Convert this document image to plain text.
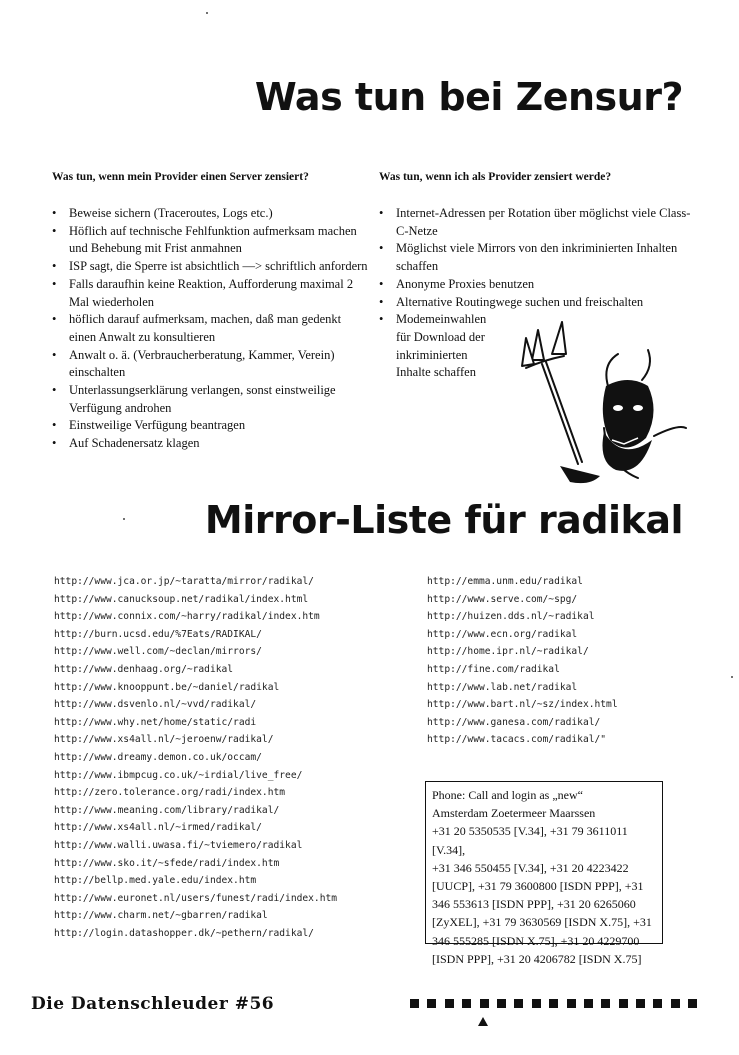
Was tun bei Zensur?
Was tun, wenn mein Provider einen Server zensiert?	Was tun, wenn ich als Provider zensiert werde?
• Beweise sichern (Traceroutes, Logs etc.)
• Höflich auf technische Fehlfunktion aufmerksam machen und Behebung mit Frist anmahnen
• ISP sagt, die Sperre ist absichtlich —> schriftlich anfordern
• Falls daraufhin keine Reaktion, Aufforderung maximal 2 Mal wiederholen
• höflich darauf aufmerksam, machen, daß man gedenkt einen Anwalt zu konsultieren
• Anwalt o. ä. (Verbraucherberatung, Kammer, Verein) einschalten
• Unterlassungserklärung verlangen, sonst einstweilige Verfügung androhen
• Einstweilige Verfügung beantragen
• Auf Schadenersatz klagen
• Internet-Adressen per Rotation über möglichst viele Class-C-Netze
• Möglichst viele Mirrors von den inkriminierten Inhalten schaffen
• Anonyme Proxies benutzen
• Alternative Routingwege suchen und freischalten
• Modemeinwahlen
für Download der
inkriminierten
Inhalte schaffen
Mirror-Liste für radikal
http://www.jca.or.jp/~taratta/mirror/radikal/
http://www.canucksoup.net/radikal/index.html
http://www.connix.com/~harry/radikal/index.htm
http://burn.ucsd.edu/%7Eats/RADIKAL/
http://www.well.com/~declan/mirrors/
http://www.denhaag.org/~radikal
http://www.knooppunt.be/~daniel/radikal
http://www.dsvenlo.nl/~vvd/radikal/
http://www.why.net/home/static/radi
http://www.xs4all.nl/~jeroenw/radikal/
http://www.dreamy.demon.co.uk/occam/
http://www.ibmpcug.co.uk/~irdial/live_free/
http://zero.tolerance.org/radi/index.htm
http://www.meaning.com/library/radikal/
http://www.xs4all.nl/~irmed/radikal/
http://www.walli.uwasa.fi/~tviemero/radikal
http://www.sko.it/~sfede/radi/index.htm
http://bellp.med.yale.edu/index.htm
http://www.euronet.nl/users/funest/radi/index.htm
http://www.charm.net/~gbarren/radikal
http://login.datashopper.dk/~pethern/radikal/
http://emma.unm.edu/radikal
http://www.serve.com/~spg/
http://huizen.dds.nl/~radikal
http://www.ecn.org/radikal
http://home.ipr.nl/~radikal/
http://fine.com/radikal
http://www.lab.net/radikal
http://www.bart.nl/~sz/index.html
http://www.ganesa.com/radikal/
http://www.tacacs.com/radikal/"

Phone: Call and login as „new“

Amsterdam Zoetermeer Maarssen

+31 20 5350535 [V.34], +31 79 3611011 [V.34],

+31 346 550455 [V.34], +31 20 4223422

[UUCP], +31 79 3600800 [ISDN PPP], +31

346 553613 [ISDN PPP], +31 20 6265060

[ZyXEL], +31 79 3630569 [ISDN X.75], +31

346 555285 [ISDN X.75], +31 20 4229700

[ISDN PPP], +31 20 4206782 [ISDN X.75]

Die Datenschleuder #56
